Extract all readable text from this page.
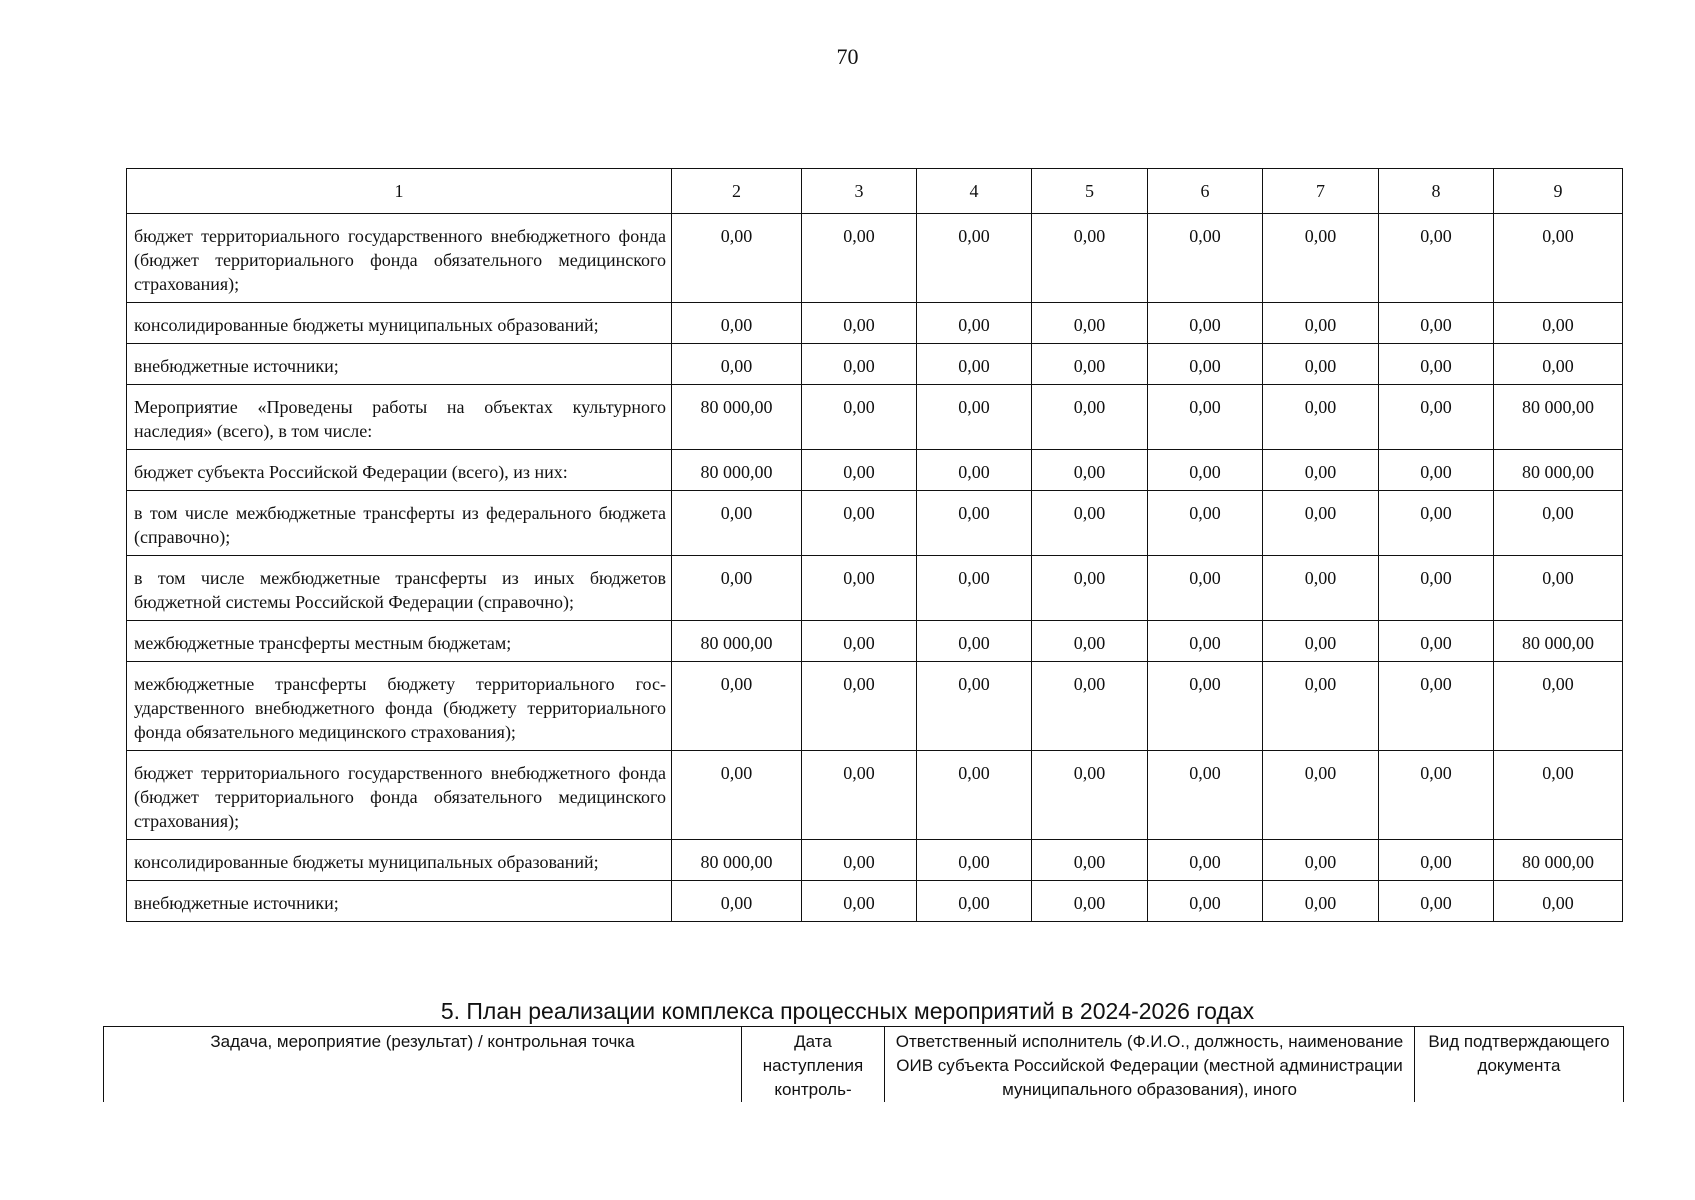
70
1	2	3	4	5	6	7	8	9
бюджет территориального государственного внебюджетного фонда (бюджет территориального фонда обязательного медицинского страхования);	0,00	0,00	0,00	0,00	0,00	0,00	0,00	0,00
консолидированные бюджеты муниципальных образований;	0,00	0,00	0,00	0,00	0,00	0,00	0,00	0,00
внебюджетные источники;	0,00	0,00	0,00	0,00	0,00	0,00	0,00	0,00
Мероприятие «Проведены работы на объектах культурного наследия» (всего), в том числе:	80 000,00	0,00	0,00	0,00	0,00	0,00	0,00	80 000,00
бюджет субъекта Российской Федерации (всего), из них:	80 000,00	0,00	0,00	0,00	0,00	0,00	0,00	80 000,00
в том числе межбюджетные трансферты из федерального бюджета (справочно);	0,00	0,00	0,00	0,00	0,00	0,00	0,00	0,00
в том числе межбюджетные трансферты из иных бюджетов бюджетной системы Российской Федерации (справочно);	0,00	0,00	0,00	0,00	0,00	0,00	0,00	0,00
межбюджетные трансферты местным бюджетам;	80 000,00	0,00	0,00	0,00	0,00	0,00	0,00	80 000,00
межбюджетные трансферты бюджету территориального государственного внебюджетного фонда (бюджету территориального фонда обязательного медицинского страхования);	0,00	0,00	0,00	0,00	0,00	0,00	0,00	0,00
бюджет территориального государственного внебюджетного фонда (бюджет территориального фонда обязательного медицинского страхования);	0,00	0,00	0,00	0,00	0,00	0,00	0,00	0,00
консолидированные бюджеты муниципальных образований;	80 000,00	0,00	0,00	0,00	0,00	0,00	0,00	80 000,00
внебюджетные источники;	0,00	0,00	0,00	0,00	0,00	0,00	0,00	0,00
5. План реализации комплекса процессных мероприятий в 2024-2026 годах
Задача, мероприятие (результат) / контрольная точка	Дата наступления контроль-	Ответственный исполнитель (Ф.И.О., должность, наименование ОИВ субъекта Российской Федерации (местной администрации муниципального образования), иного	Вид подтверждающего документа
